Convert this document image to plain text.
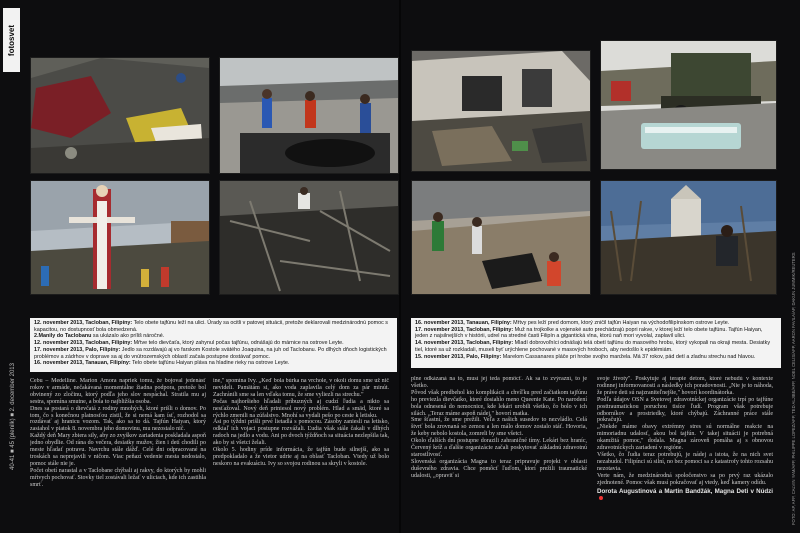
fotosvet
40-41 ■ 45 (plenilk) ■ 2. december 2013	FOTO: AP, AFP, CALVIN YAM/AFP, PHILIPPE LOPEZ/AFP, TED ALJIBE/AFP, NOEL CELIS/AFP, AARON FAVILA/AP, DAKUN JUMMIK/REUTERS

12. november 2013, Tacloban, Filipíny: Telo obete tajfúnu leží na ulici. Úrady sa ocitli v patovej situácii, pretože deklarovali medzinárodnú pomoc s kapacitou, no dostupnosť bola obmedzená.

2.Manily do Taclobanu sa ukázalo ako príliš náročné.

12. november 2013, Tacloban, Filipíny: Mŕtve telo dievčaťa, ktorý zahynul počas tajfúnu, odnášajú do márnice na ostrove Leyte.

17. november 2013, Palo, Filipíny: Jedlo sa rozdávajú aj vo farskom Kostole svätého Joaquina, na juh od Taclobanu. Po dlhých dňoch logistických problémov a zádrhov v doprave sa aj do vnútrozemských oblastí začala postupne dostávať pomoc.

16. november 2013, Tanauan, Filipíny: Telo obete tajfúnu Haiyan pláva na hladine rieky na ostrove Leyte.

16. november 2013, Tanauan, Filipíny: Mŕtvy pes leží pred domom, ktorý zničil tajfún Haiyan na východofilipínskom ostrove Leyte.

17. november 2013, Tacloban, Filipíny: Muž na trojkolke a vojenské auto prechádzajú popri rakve, v ktorej leží telo obete tajfúnu. Tajfún Haiyan, jeden z najsilnejších v histórii, udrel na stredné časti Filipín a gigantická vlna, ktorú naň mori vyvolal, zaplavil ulici.

14. november 2013, Tacloban, Filipíny: Mladí dobrovoľníci odnášajú telá obetí tajfúnu do masového hrobu, ktorý vykopali na okraji mesta. Desiatky tiel, ktoré sa už rozkladali, museli byť urýchlene pochované v masových hroboch, aby nedošlo k epidémiám.

15. november 2013, Palo, Filipíny: Marelom Cassanares pláče pri hrobe svojho manžela. Má 37 rokov, pád detí a zladnu strechu nad hlavou.

Cebu – Medellíne. Marion Amora napriek tomu, že bojoval jedenásť rokov v armáde, nečakávaná momentálne žiadna podpora, pretože bol obvinený zo zločinu, ktorý podľa jeho slov nespáchal. Stratila mu aj sestra, spomína smutne, a bola to najbližšia osoba.

Dnes sa postará o dievčatá z rodiny mnohých, ktoré prišli o domov. Po tom, čo s konečnou platnosťou zistil, že si nemá kam ísť, rozhodol sa rozdávať aj hranicu vozom. Tak, ako sa to dá. Tajfún Haiyan, ktorý zasiahol v piatok 8. novembra jeho domovinu, mu nezostalo nič.

Každý deň Mary zbiera sily, aby zo zvyškov zariadenia poskladala aspoň jedno obydlie. Od rána do večera, desiatky mužov, žien i detí chodili po meste hľadať potravu. Navrchu stále dážď. Celé dni odpracované na troskách sa neprejavili v ničom. Viac peňazí vedenie mesta nedostalo, pomoc stále nie je.

Počet obetí narastal a v Taclobane chýbali aj rakvy, do ktorých by mohli mŕtvych pochovať. Stovky tiel zostávali ležať v uliciach, kde ich zastihla smrť.

ine," spomína Ivy. „Keď bola búrka na vrchole, v okolí domu sme už nič nevideli. Pamätám si, ako voda zaplavila celý dom za pár minút. Zachránili sme sa len vďaka tomu, že sme vyliezli na strechu."

Počas najhoršieho hľadali príbuzných aj cudzí ľudia a nikto sa nesťažoval. Nový deň priniesol nový problém. Hlad a smäd, ktoré sa rýchlo zmenili na zúfalstvo. Mnohí sa vydali pešo po ceste k letisku.

Asi po týždni prišli prvé lietadlá s pomocou. Zásoby zaniesli na letisko, odkiaľ ich vojaci postupne rozvážali. Ľudia však stále čakali v dlhých radoch na jedlo a vodu. Ani po dvoch týždňoch sa situácia nezlepšila tak, ako by si všetci želali.

Okolo 5. hodiny príde informácia, že tajfún bude silnejší, ako sa predpokladalo a že vietor udrie aj na oblasť Tacloban. Vtedy už bolo neskoro na evakuáciu. Ivy so svojou rodinou sa skryli v kostole.

plne odkázaná na to, musí jej teda pomôcť. Ak sa to zvýrazní, to je všetko.

Pôvod však predbehol kto komplikácii a chvíľku pred začiatkom tajfúnu ho previezla dievčatko, ktoré dosiahlo meno Queenie Kate. Po narodení bola odnesená do nemocnice, kde lekári urobili všetko, čo bolo v ich silách. „Teraz máme aspoň nádej," hovorí matka.

Sme šťastní, že sme prežili. Veľa z našich susedov to nezvládlo. Celá štvrť bola zrovnaná so zemou a len málo domov zostalo stáť. Hovoria, že keby nebolo kostola, zomreli by sme všetci.

Okolo ďalších dní postupne dorazili zahraničné tímy. Lekári bez hraníc, Červený kríž a ďalšie organizácie začali poskytovať základnú zdravotnú starostlivosť.

Slovenská organizácia Magna to teraz pripravuje projekt v oblasti duševného zdravia. Chce pomôcť ľuďom, ktorí prežili traumatické udalosti, „opraviť si

svoje životy". Poskytuje aj terapie detom, ktoré nebudú v kontexte rodinnej informovanosti a následky ich poradovnosti. „Nie je to náhoda, že práve deti sú najzraniteľnejšie," hovorí koordinátorka.

Podľa údajov OSN a Svetovej zdravotníckej organizácie trpí po tajfúne posttraumatickou poruchou tisíce ľudí. Program však potrebuje odborníkov a prostriedky, ktoré chýbajú. Záchranné práce stále pokračujú.

„Niekde máme obavy extrémny stres sú normálne reakcie na mimoriadnu udalosť, akou bol tajfún. V takej situácii je potrebná okamžitá pomoc," dodala. Magna zároveň pomáha aj s obnovou zdravotníckych zariadení v regióne.

Všetko, čo ľudia teraz potrebujú, je nádej a istota, že na nich svet nezabudol. Filipínci sú silní, no bez pomoci sa z katastrofy tohto rozsahu nezotavia.

Verte nám, že medzinárodná spoločenstvo sa po prvý raz ukázalo zjednotené. Pomoc však musí pokračovať aj vtedy, keď kamery odídu.

Dorota Augustinová a Martin Bandžák, Magna Deti v Núdzi
